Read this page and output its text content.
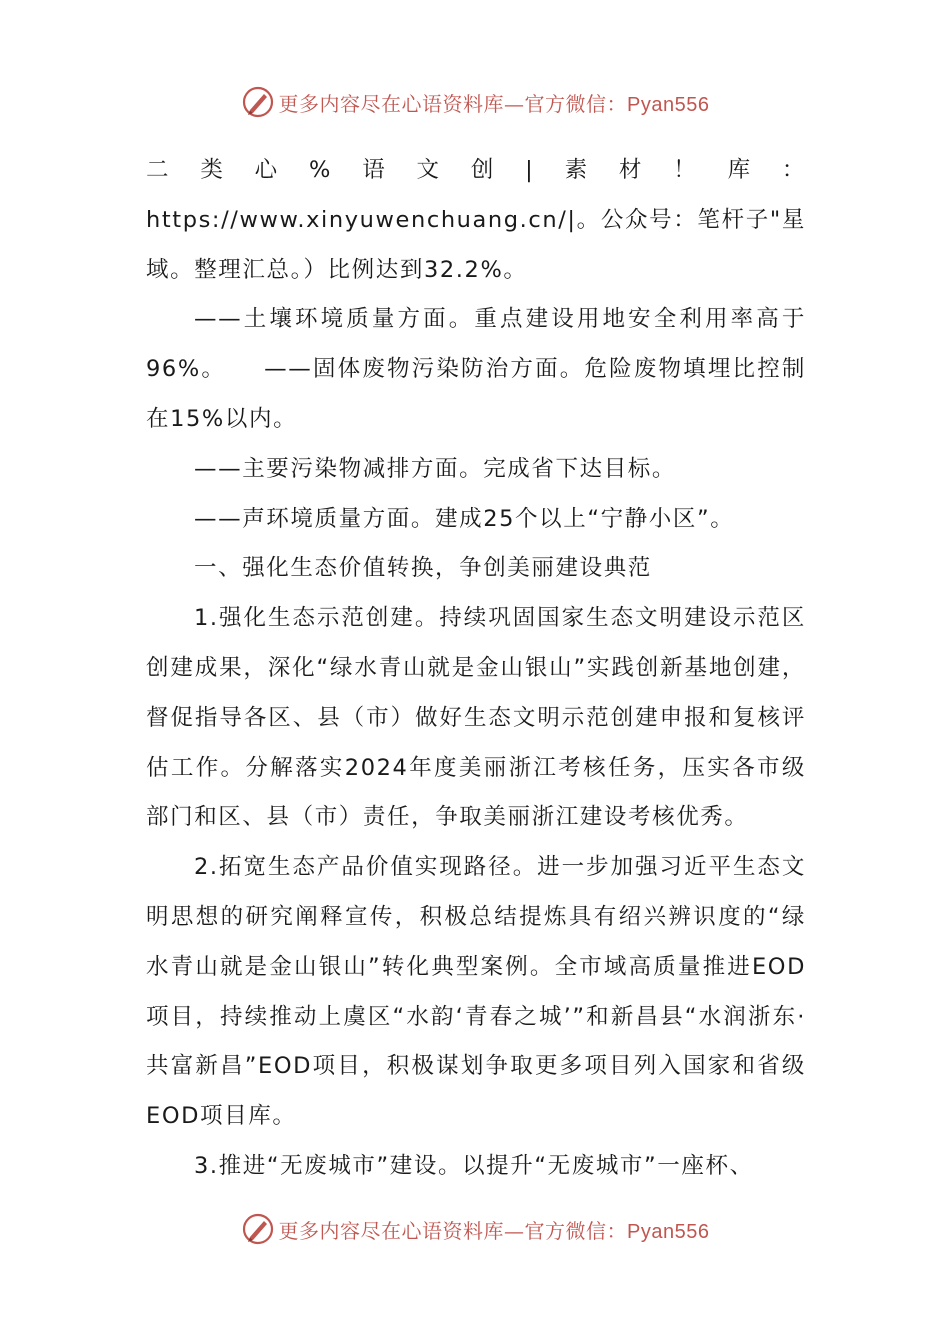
更多内容尽在心语资料库—官方微信：Pyan556

二类心%语文创|素材！库：https://www.xinyuwenchuang.cn/|。公众号：笔杆子"星域。整理汇总。）比例达到32.2%。

——土壤环境质量方面。重点建设用地安全利用率高于96%。　　——固体废物污染防治方面。危险废物填埋比控制在15%以内。

——主要污染物减排方面。完成省下达目标。

——声环境质量方面。建成25个以上“宁静小区”。

一、强化生态价值转换，争创美丽建设典范

1.强化生态示范创建。持续巩固国家生态文明建设示范区创建成果，深化“绿水青山就是金山银山”实践创新基地创建，督促指导各区、县（市）做好生态文明示范创建申报和复核评估工作。分解落实2024年度美丽浙江考核任务，压实各市级部门和区、县（市）责任，争取美丽浙江建设考核优秀。

2.拓宽生态产品价值实现路径。进一步加强习近平生态文明思想的研究阐释宣传，积极总结提炼具有绍兴辨识度的“绿水青山就是金山银山”转化典型案例。全市域高质量推进EOD项目，持续推动上虞区“水韵‘青春之城’”和新昌县“水润浙东·共富新昌”EOD项目，积极谋划争取更多项目列入国家和省级EOD项目库。

3.推进“无废城市”建设。以提升“无废城市”一座杯、

更多内容尽在心语资料库—官方微信：Pyan556
